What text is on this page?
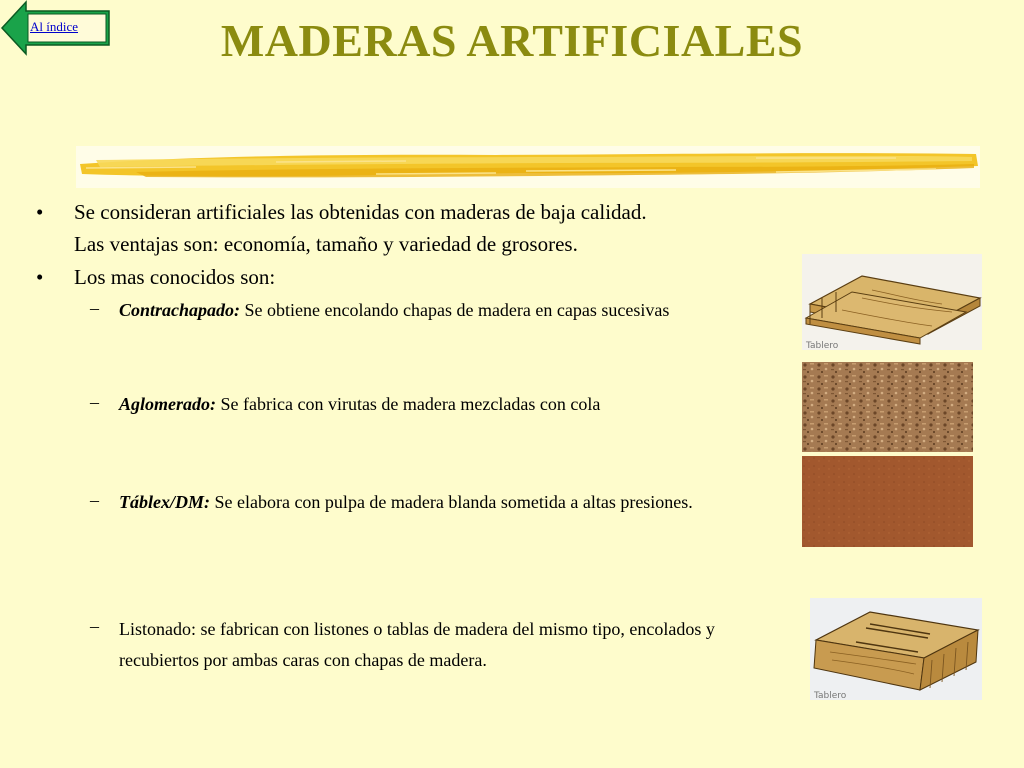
Al índice	MADERAS ARTIFICIALES
• Se consideran artificiales las obtenidas con maderas de baja calidad.
Las ventajas son: economía, tamaño y variedad de grosores.
• Los mas conocidos son:
– Contrachapado: Se obtiene encolando chapas de madera en capas sucesivas
– Aglomerado: Se fabrica con virutas de madera mezcladas con cola
– Táblex/DM: Se elabora con pulpa de madera blanda sometida a altas presiones.
– Listonado: se fabrican con listones o tablas de madera del mismo tipo, encolados y recubiertos por ambas caras con chapas de madera.
Tablero
Tablero
